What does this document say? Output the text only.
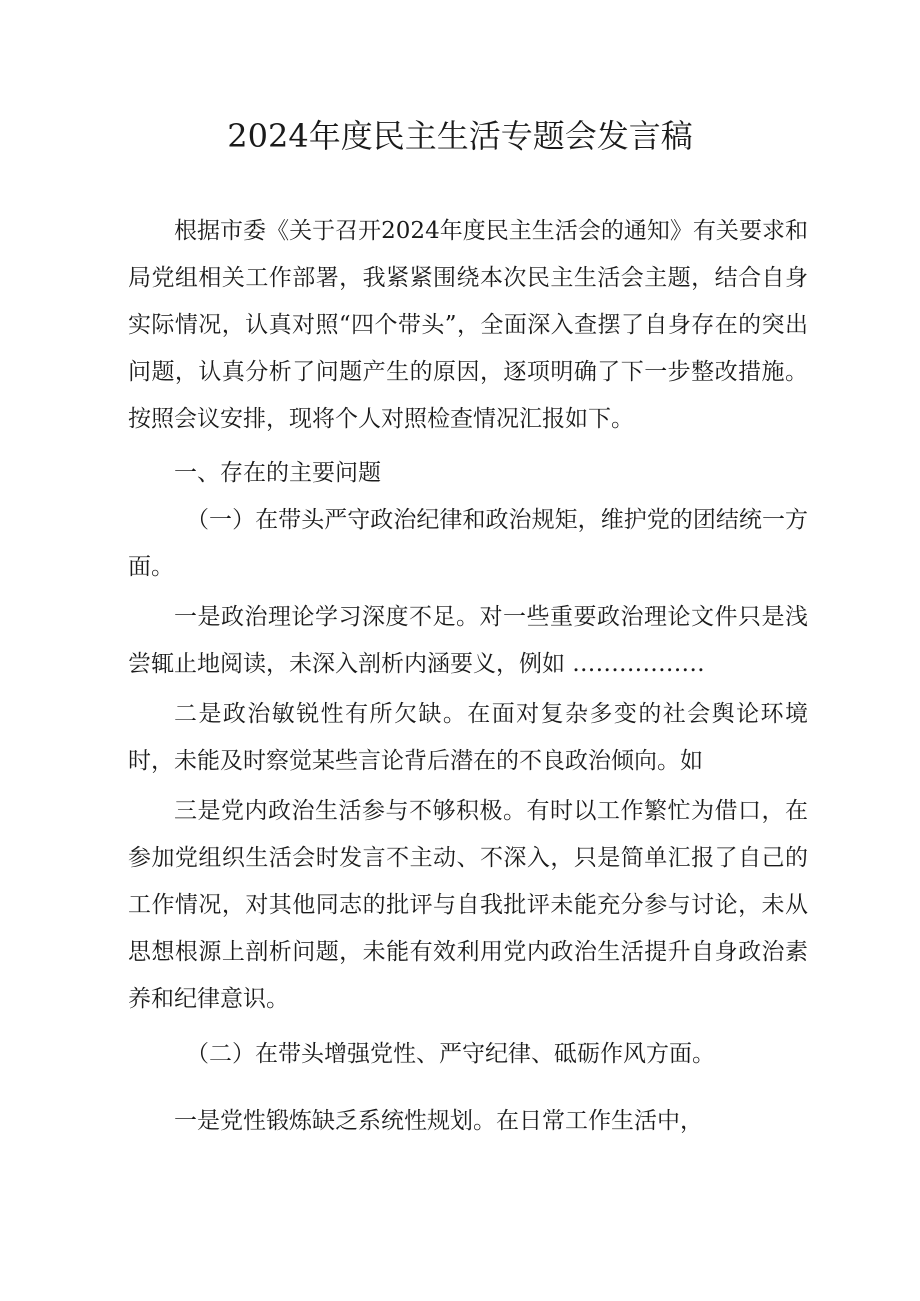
2024年度民主生活专题会发言稿

根据市委《关于召开2024年度民主生活会的通知》有关要求和局党组相关工作部署，我紧紧围绕本次民主生活会主题，结合自身实际情况，认真对照“四个带头”，全面深入查摆了自身存在的突出问题，认真分析了问题产生的原因，逐项明确了下一步整改措施。按照会议安排，现将个人对照检查情况汇报如下。

一、存在的主要问题

（一）在带头严守政治纪律和政治规矩，维护党的团结统一方面。

一是政治理论学习深度不足。对一些重要政治理论文件只是浅尝辄止地阅读，未深入剖析内涵要义，例如 .................

二是政治敏锐性有所欠缺。在面对复杂多变的社会舆论环境时，未能及时察觉某些言论背后潜在的不良政治倾向。如

三是党内政治生活参与不够积极。有时以工作繁忙为借口，在参加党组织生活会时发言不主动、不深入，只是简单汇报了自己的工作情况，对其他同志的批评与自我批评未能充分参与讨论，未从思想根源上剖析问题，未能有效利用党内政治生活提升自身政治素养和纪律意识。

（二）在带头增强党性、严守纪律、砥砺作风方面。

一是党性锻炼缺乏系统性规划。在日常工作生活中，
